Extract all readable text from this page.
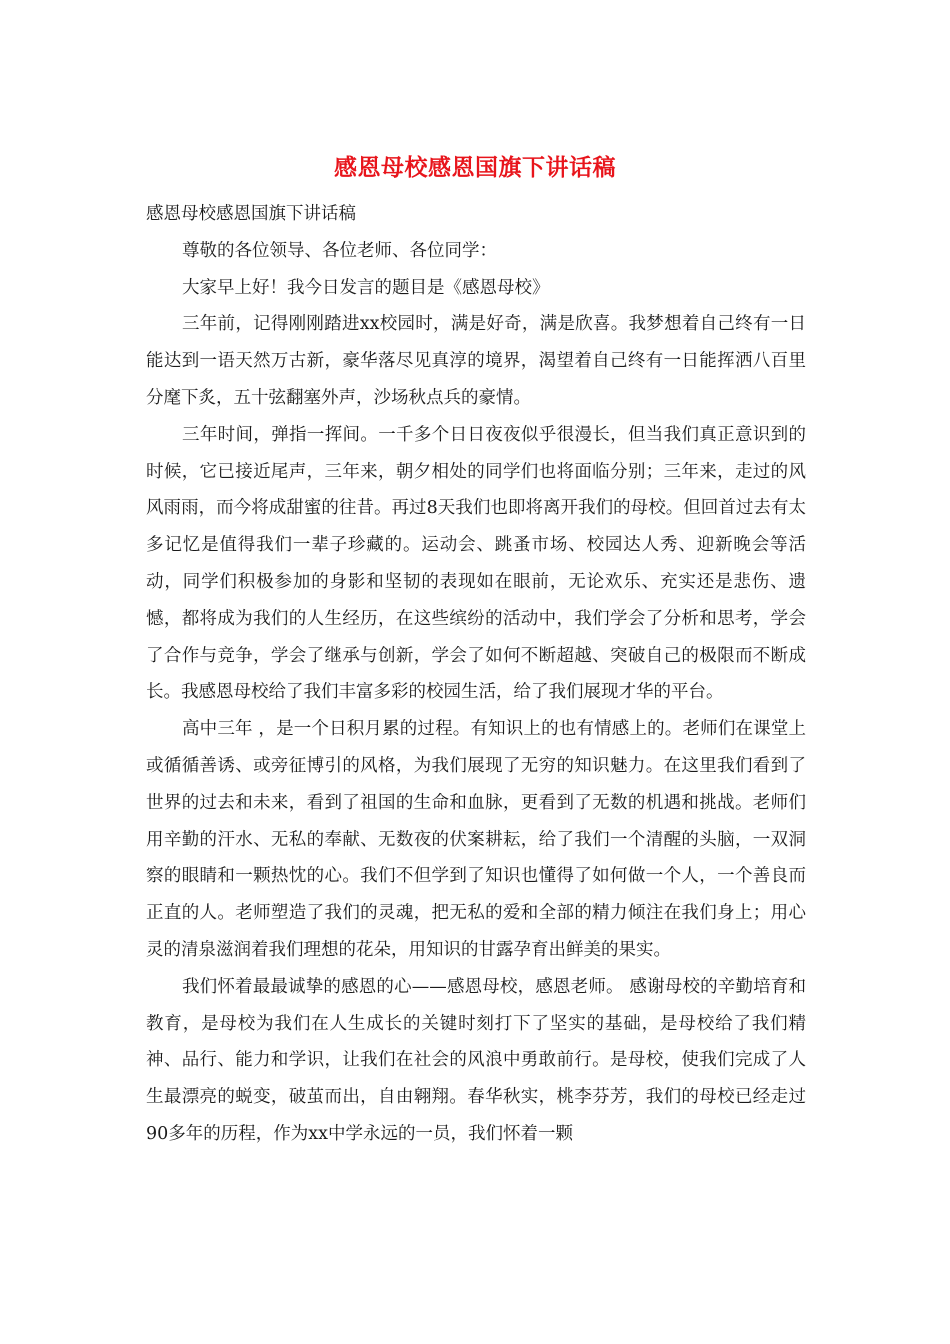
感恩母校感恩国旗下讲话稿

感恩母校感恩国旗下讲话稿

尊敬的各位领导、各位老师、各位同学：

大家早上好！我今日发言的题目是《感恩母校》

三年前，记得刚刚踏进xx校园时，满是好奇，满是欣喜。我梦想着自己终有一日能达到一语天然万古新，豪华落尽见真淳的境界，渴望着自己终有一日能挥洒八百里分麾下炙，五十弦翻塞外声，沙场秋点兵的豪情。

三年时间，弹指一挥间。一千多个日日夜夜似乎很漫长，但当我们真正意识到的时候，它已接近尾声，三年来，朝夕相处的同学们也将面临分别；三年来，走过的风风雨雨，而今将成甜蜜的往昔。再过8天我们也即将离开我们的母校。但回首过去有太多记忆是值得我们一辈子珍藏的。运动会、跳蚤市场、校园达人秀、迎新晚会等活动，同学们积极参加的身影和坚韧的表现如在眼前，无论欢乐、充实还是悲伤、遗憾，都将成为我们的人生经历，在这些缤纷的活动中，我们学会了分析和思考，学会了合作与竞争，学会了继承与创新，学会了如何不断超越、突破自己的极限而不断成长。我感恩母校给了我们丰富多彩的校园生活，给了我们展现才华的平台。

高中三年 ，是一个日积月累的过程。有知识上的也有情感上的。老师们在课堂上或循循善诱、或旁征博引的风格，为我们展现了无穷的知识魅力。在这里我们看到了世界的过去和未来，看到了祖国的生命和血脉，更看到了无数的机遇和挑战。老师们用辛勤的汗水、无私的奉献、无数夜的伏案耕耘，给了我们一个清醒的头脑，一双洞察的眼睛和一颗热忱的心。我们不但学到了知识也懂得了如何做一个人，一个善良而正直的人。老师塑造了我们的灵魂，把无私的爱和全部的精力倾注在我们身上；用心灵的清泉滋润着我们理想的花朵，用知识的甘露孕育出鲜美的果实。

我们怀着最最诚挚的感恩的心——感恩母校，感恩老师。 感谢母校的辛勤培育和教育，是母校为我们在人生成长的关键时刻打下了坚实的基础，是母校给了我们精神、品行、能力和学识，让我们在社会的风浪中勇敢前行。是母校，使我们完成了人生最漂亮的蜕变，破茧而出，自由翱翔。春华秋实，桃李芬芳，我们的母校已经走过90多年的历程，作为xx中学永远的一员，我们怀着一颗
